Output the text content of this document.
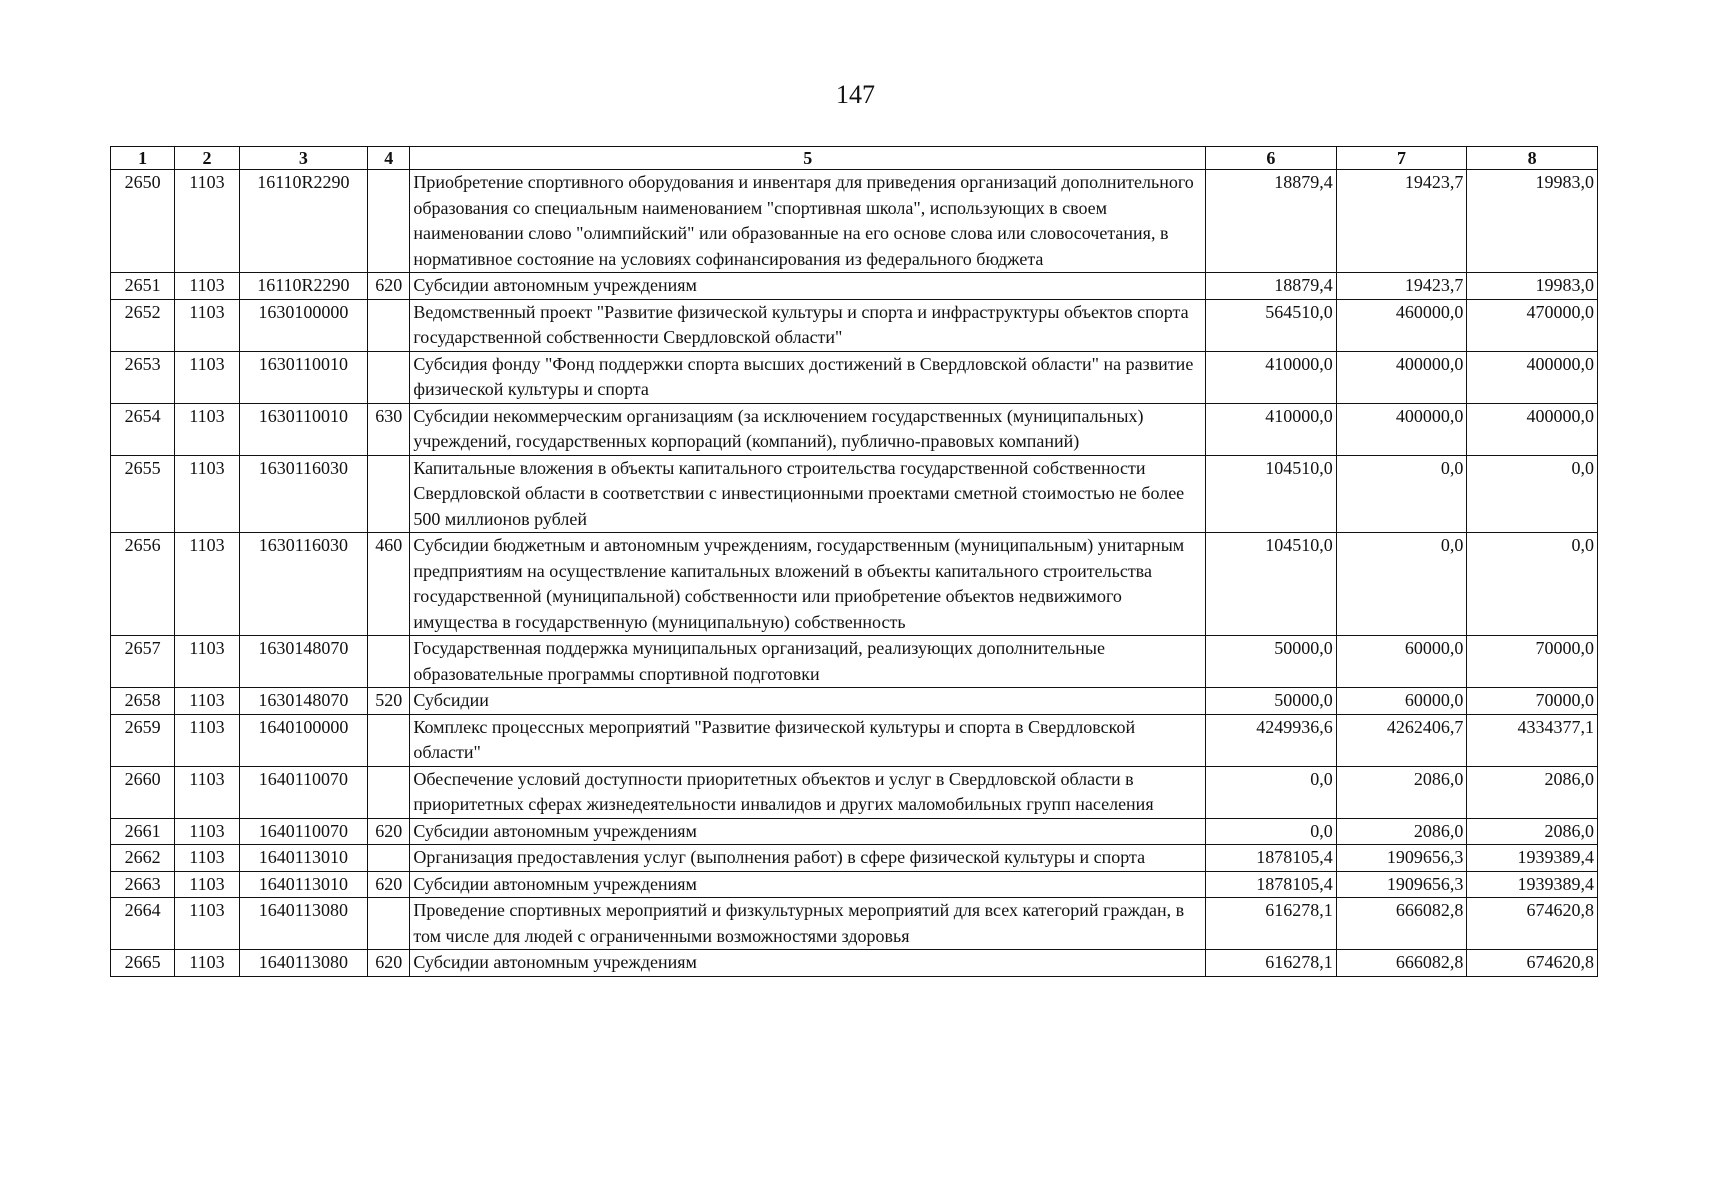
147
1	2	3	4	5	6	7	8
2650	1103	16110R2290		Приобретение спортивного оборудования и инвентаря для приведения организаций дополнительного образования со специальным наименованием "спортивная школа", использующих в своем наименовании слово "олимпийский" или образованные на его основе слова или словосочетания, в нормативное состояние на условиях софинансирования из федерального бюджета	18879,4	19423,7	19983,0
2651	1103	16110R2290	620	Субсидии автономным учреждениям	18879,4	19423,7	19983,0
2652	1103	1630100000		Ведомственный проект "Развитие физической культуры и спорта и инфраструктуры объектов спорта государственной собственности Свердловской области"	564510,0	460000,0	470000,0
2653	1103	1630110010		Субсидия фонду "Фонд поддержки спорта высших достижений в Свердловской области" на развитие физической культуры и спорта	410000,0	400000,0	400000,0
2654	1103	1630110010	630	Субсидии некоммерческим организациям (за исключением государственных (муниципальных) учреждений, государственных корпораций (компаний), публично-правовых компаний)	410000,0	400000,0	400000,0
2655	1103	1630116030		Капитальные вложения в объекты капитального строительства государственной собственности Свердловской области в соответствии с инвестиционными проектами сметной стоимостью не более 500 миллионов рублей	104510,0	0,0	0,0
2656	1103	1630116030	460	Субсидии бюджетным и автономным учреждениям, государственным (муниципальным) унитарным предприятиям на осуществление капитальных вложений в объекты капитального строительства государственной (муниципальной) собственности или приобретение объектов недвижимого имущества в государственную (муниципальную) собственность	104510,0	0,0	0,0
2657	1103	1630148070		Государственная поддержка муниципальных организаций, реализующих дополнительные образовательные программы спортивной подготовки	50000,0	60000,0	70000,0
2658	1103	1630148070	520	Субсидии	50000,0	60000,0	70000,0
2659	1103	1640100000		Комплекс процессных мероприятий "Развитие физической культуры и спорта в Свердловской области"	4249936,6	4262406,7	4334377,1
2660	1103	1640110070		Обеспечение условий доступности приоритетных объектов и услуг в Свердловской области в приоритетных сферах жизнедеятельности инвалидов и других маломобильных групп населения	0,0	2086,0	2086,0
2661	1103	1640110070	620	Субсидии автономным учреждениям	0,0	2086,0	2086,0
2662	1103	1640113010		Организация предоставления услуг (выполнения работ) в сфере физической культуры и спорта	1878105,4	1909656,3	1939389,4
2663	1103	1640113010	620	Субсидии автономным учреждениям	1878105,4	1909656,3	1939389,4
2664	1103	1640113080		Проведение спортивных мероприятий и физкультурных мероприятий для всех категорий граждан, в том числе для людей с ограниченными возможностями здоровья	616278,1	666082,8	674620,8
2665	1103	1640113080	620	Субсидии автономным учреждениям	616278,1	666082,8	674620,8
